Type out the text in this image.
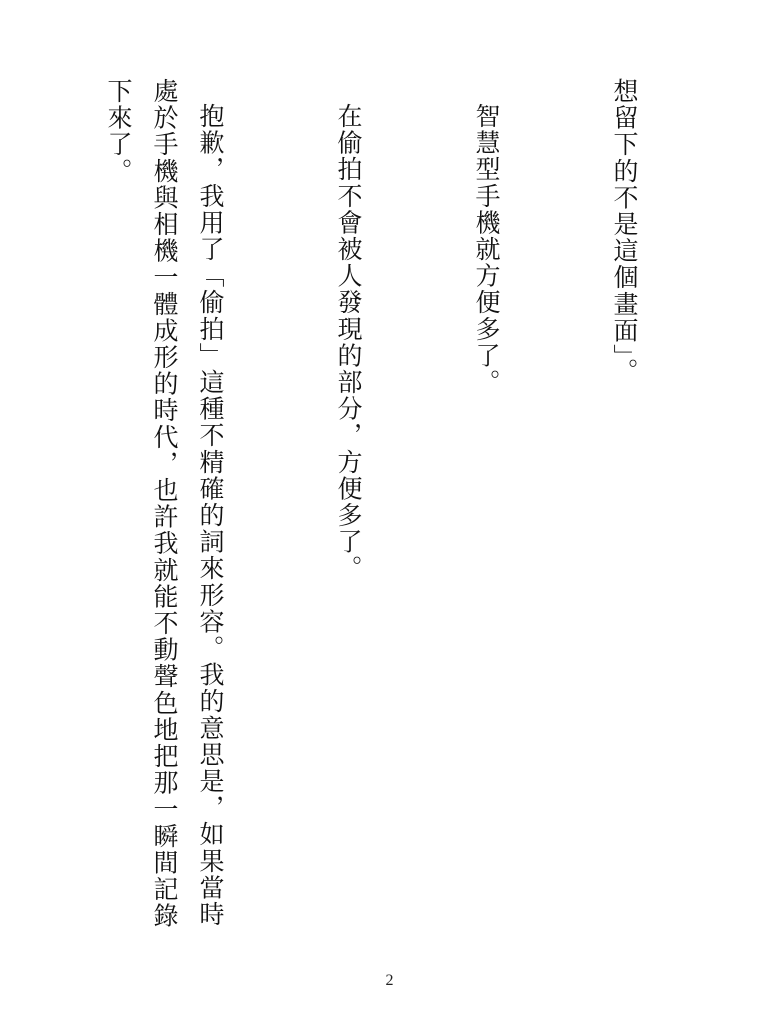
想留下的不是這個畫面」。

智慧型手機就方便多了。

在偷拍不會被人發現的部分，方便多了。

抱歉，我用了「偷拍」這種不精確的詞來形容。我的意思是，如果當時處於手機與相機一體成形的時代，也許我就能不動聲色地把那一瞬間記錄下來了。

2
